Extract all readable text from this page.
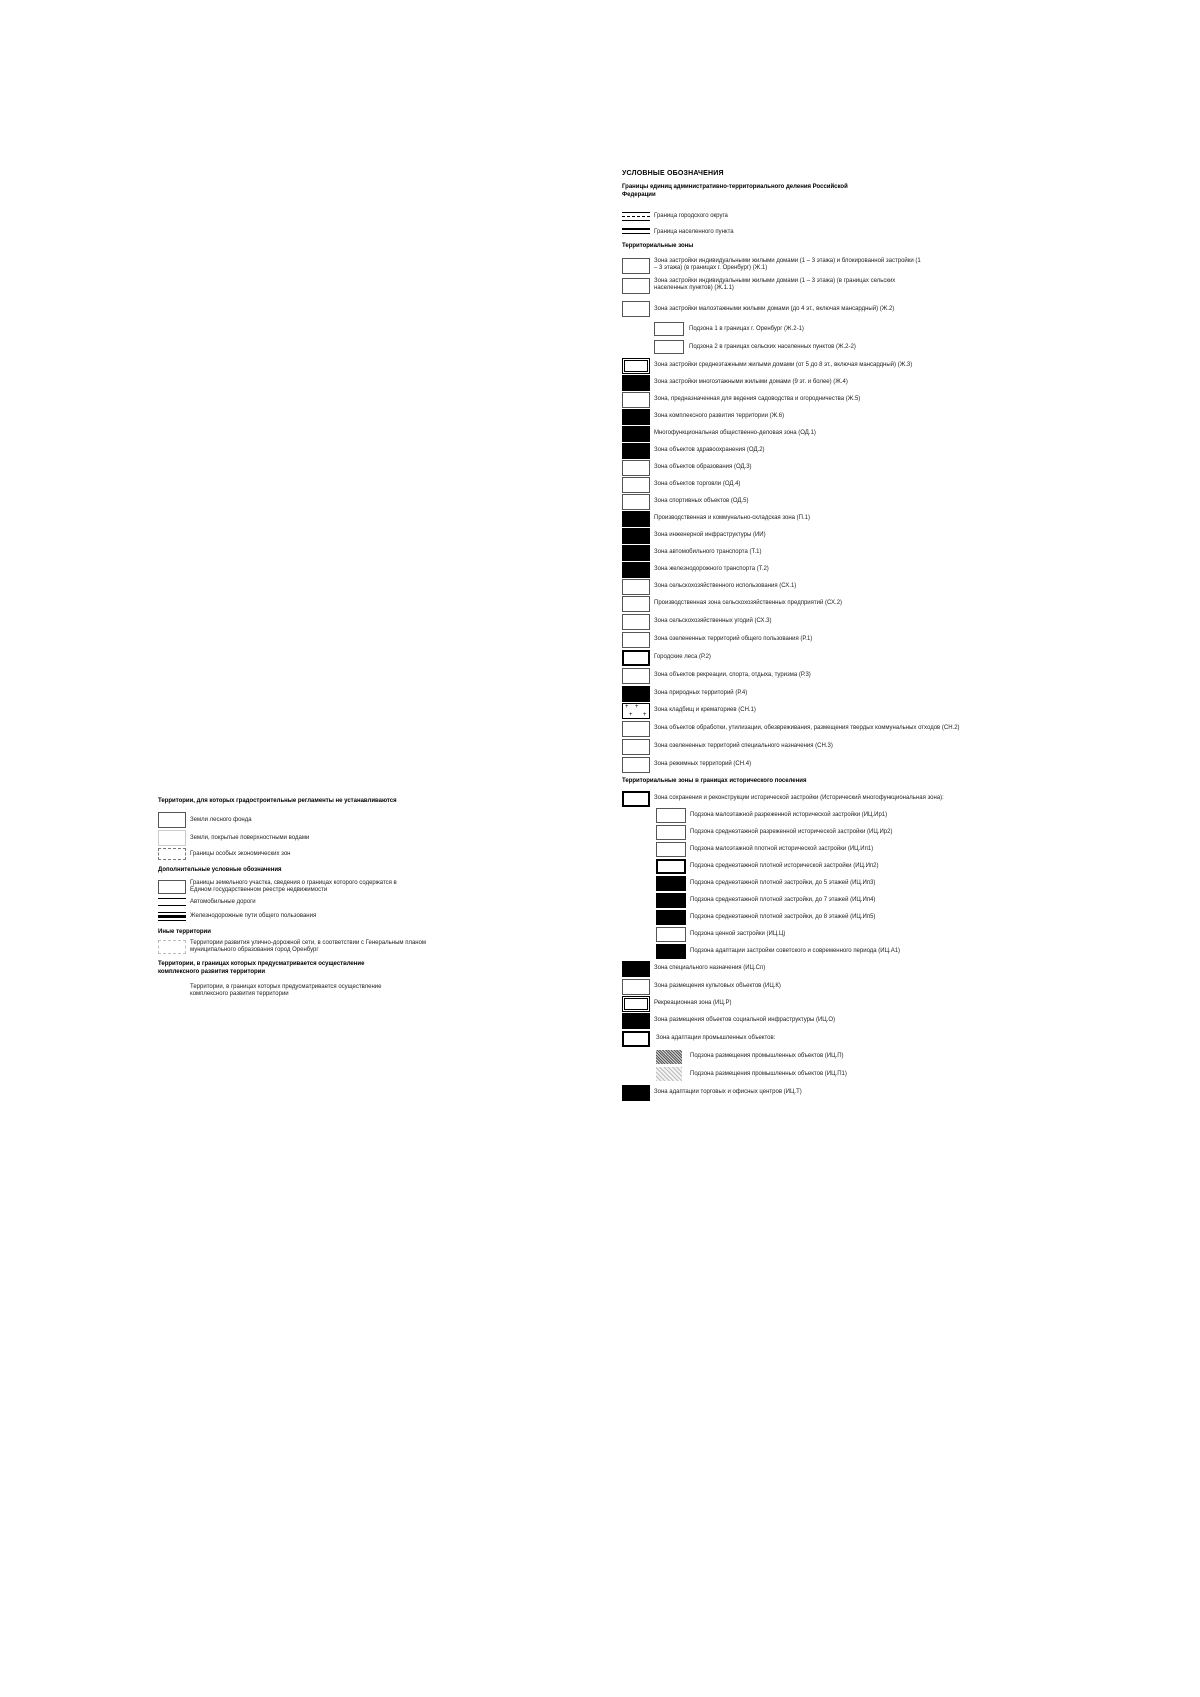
УСЛОВНЫЕ ОБОЗНАЧЕНИЯ
Границы единиц административно-территориального деления Российской Федерации
Граница городского округа
Граница населенного пункта
Территориальные зоны
Зона застройки индивидуальными жилыми домами (1 – 3 этажа) и блокированной застройки (1 – 3 этажа) (в границах г. Оренбург) (Ж.1)
Зона застройки индивидуальными жилыми домами (1 – 3 этажа) (в границах сельских населенных пунктов) (Ж.1.1)
Зона застройки малоэтажными жилыми домами (до 4 эт., включая мансардный) (Ж.2)
Подзона 1 в границах г. Оренбург (Ж.2-1)
Подзона 2 в границах сельских населенных пунктов (Ж.2-2)
Зона застройки среднеэтажными жилыми домами (от 5 до 8 эт., включая мансардный) (Ж.3)
Зона застройки многоэтажными жилыми домами (9 эт. и более) (Ж.4)
Зона, предназначенная для ведения садоводства и огородничества (Ж.5)
Зона комплексного развития территории (Ж.6)
Многофункциональная общественно-деловая зона (ОД.1)
Зона объектов здравоохранения (ОД.2)
Зона объектов образования (ОД.3)
Зона объектов торговли (ОД.4)
Зона спортивных объектов (ОД.5)
Производственная и коммунально-складская зона (П.1)
Зона инженерной инфраструктуры (ИИ)
Зона автомобильного транспорта (Т.1)
Зона железнодорожного транспорта (Т.2)
Зона сельскохозяйственного использования (СХ.1)
Производственная зона сельскохозяйственных предприятий (СХ.2)
Зона сельскохозяйственных угодий (СХ.3)
Зона озелененных территорий общего пользования (Р.1)
Городские леса (Р.2)
Зона объектов рекреации, спорта, отдыха, туризма (Р.3)
Зона природных территорий (Р.4)
+ +
+ +
Зона кладбищ и крематориев (СН.1)
Зона объектов обработки, утилизации, обезвреживания, размещения твердых коммунальных отходов (СН.2)
Зона озелененных территорий специального назначения (СН.3)
Зона режимных территорий (СН.4)
Территориальные зоны в границах исторического поселения
Зона сохранения и реконструкции исторической застройки (Исторический многофункциональная зона):
Подзона малоэтажной разреженной исторической застройки (ИЦ.Ир1)
Подзона среднеэтажной разреженной исторической застройки (ИЦ.Ир2)
Подзона малоэтажной плотной исторической застройки (ИЦ.Ип1)
Подзона среднеэтажной плотной исторической застройки (ИЦ.Ип2)
Подзона среднеэтажной плотной застройки, до 5 этажей (ИЦ.Ип3)
Подзона среднеэтажной плотной застройки, до 7 этажей (ИЦ.Ип4)
Подзона среднеэтажной плотной застройки, до 8 этажей (ИЦ.Ип5)
Подзона ценной застройки (ИЦ.Ц)
Подзона адаптации застройки советского и современного периода (ИЦ.А1)
Зона специального назначения (ИЦ.Сп)
Зона размещения культовых объектов (ИЦ.К)
Рекреационная зона (ИЦ.Р)
Зона размещения объектов социальной инфраструктуры (ИЦ.О)
Зона адаптации промышленных объектов:
Подзона размещения промышленных объектов (ИЦ.П)
Подзона размещения промышленных объектов (ИЦ.П1)
Зона адаптации торговых и офисных центров (ИЦ.Т)
Территории, для которых градостроительные регламенты не устанавливаются
Земли лесного фонда
Земли, покрытые поверхностными водами
Границы особых экономических зон
Дополнительные условные обозначения
Границы земельного участка, сведения о границах которого содержатся в Едином государственном реестре недвижимости
Автомобильные дороги
Железнодорожные пути общего пользования
Иные территории
Территории развития улично-дорожной сети, в соответствии с Генеральным планом муниципального образования город Оренбург
Территории, в границах которых предусматривается осуществление комплексного развития территории
Территории, в границах которых предусматривается осуществление комплексного развития территории
